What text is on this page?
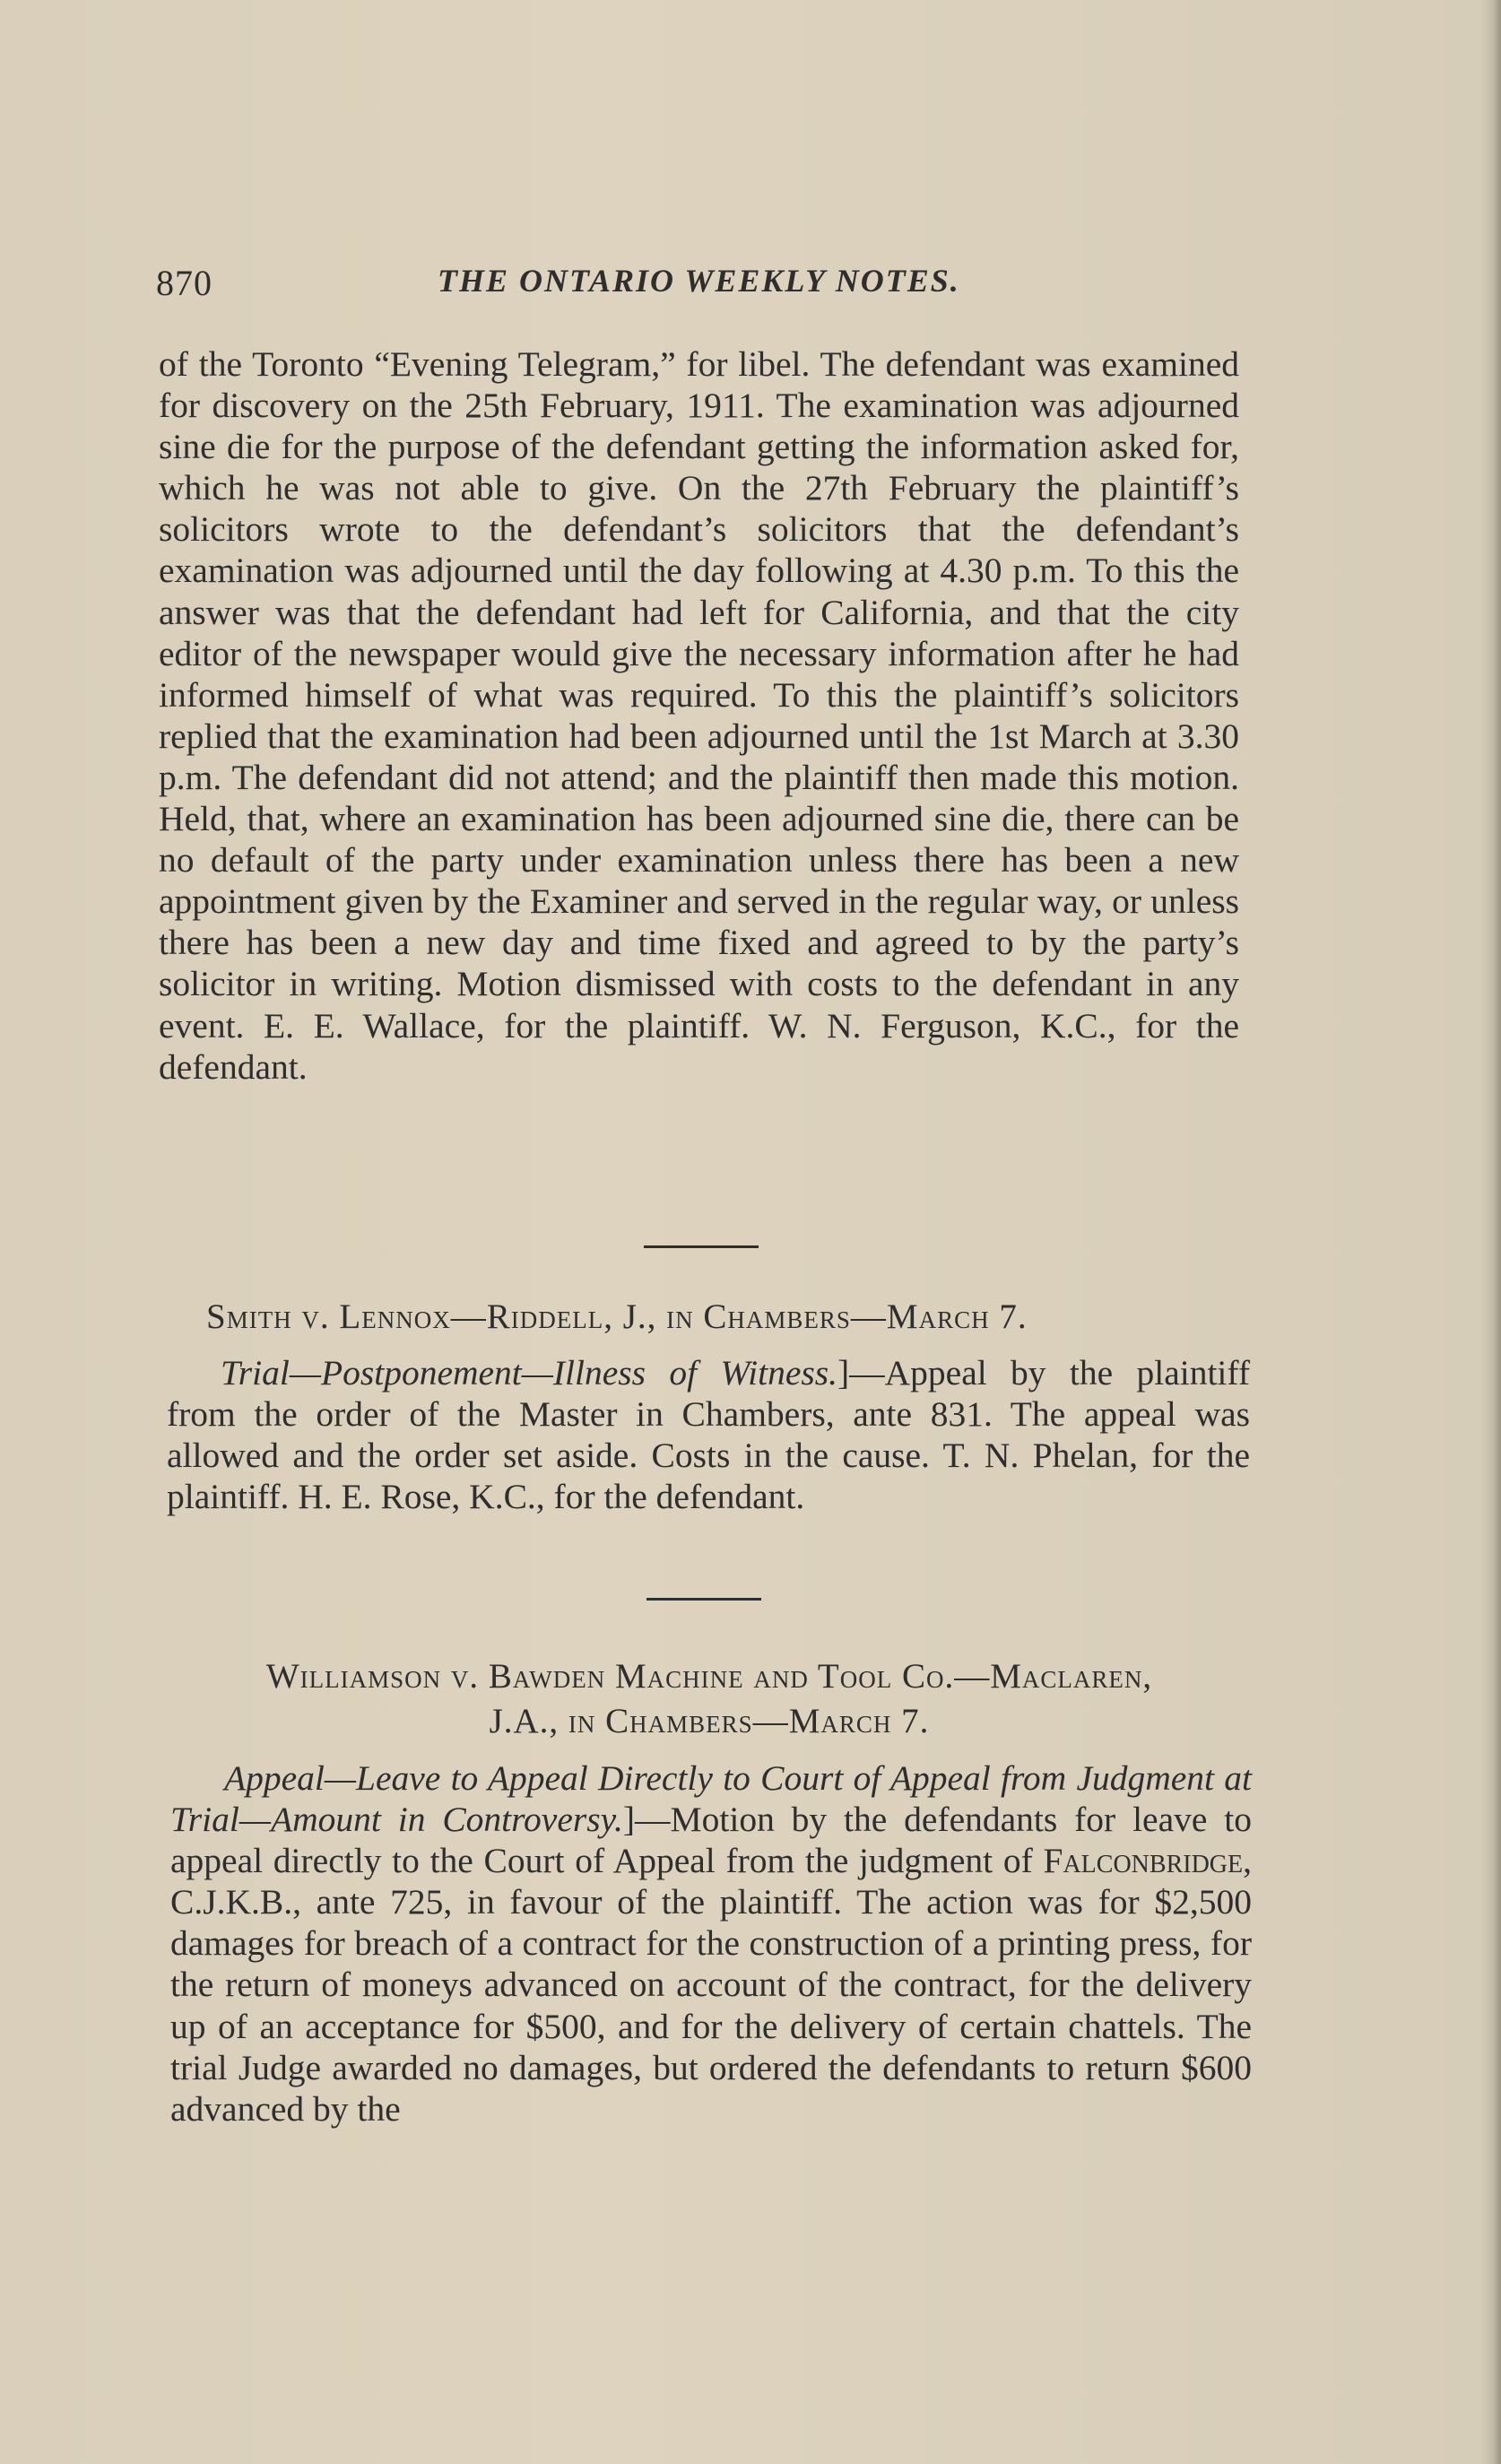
870	THE ONTARIO WEEKLY NOTES.

of the Toronto “Evening Telegram,” for libel. The defendant was examined for discovery on the 25th February, 1911. The examination was adjourned sine die for the purpose of the defendant getting the information asked for, which he was not able to give. On the 27th February the plaintiff’s solicitors wrote to the defendant’s solicitors that the defendant’s examination was adjourned until the day following at 4.30 p.m. To this the answer was that the defendant had left for California, and that the city editor of the newspaper would give the necessary information after he had informed himself of what was required. To this the plaintiff’s solicitors replied that the examination had been adjourned until the 1st March at 3.30 p.m. The defendant did not attend; and the plaintiff then made this motion. Held, that, where an examination has been adjourned sine die, there can be no default of the party under examination unless there has been a new appointment given by the Examiner and served in the regular way, or unless there has been a new day and time fixed and agreed to by the party’s solicitor in writing. Motion dismissed with costs to the defendant in any event. E. E. Wallace, for the plaintiff. W. N. Ferguson, K.C., for the defendant.

Smith v. Lennox—Riddell, J., in Chambers—March 7.

Trial—Postponement—Illness of Witness.]—Appeal by the plaintiff from the order of the Master in Chambers, ante 831. The appeal was allowed and the order set aside. Costs in the cause. T. N. Phelan, for the plaintiff. H. E. Rose, K.C., for the defendant.

Williamson v. Bawden Machine and Tool Co.—Maclaren,
J.A., in Chambers—March 7.

Appeal—Leave to Appeal Directly to Court of Appeal from Judgment at Trial—Amount in Controversy.]—Motion by the defendants for leave to appeal directly to the Court of Appeal from the judgment of Falconbridge, C.J.K.B., ante 725, in favour of the plaintiff. The action was for $2,500 damages for breach of a contract for the construction of a printing press, for the return of moneys advanced on account of the contract, for the delivery up of an acceptance for $500, and for the delivery of certain chattels. The trial Judge awarded no damages, but ordered the defendants to return $600 advanced by the
